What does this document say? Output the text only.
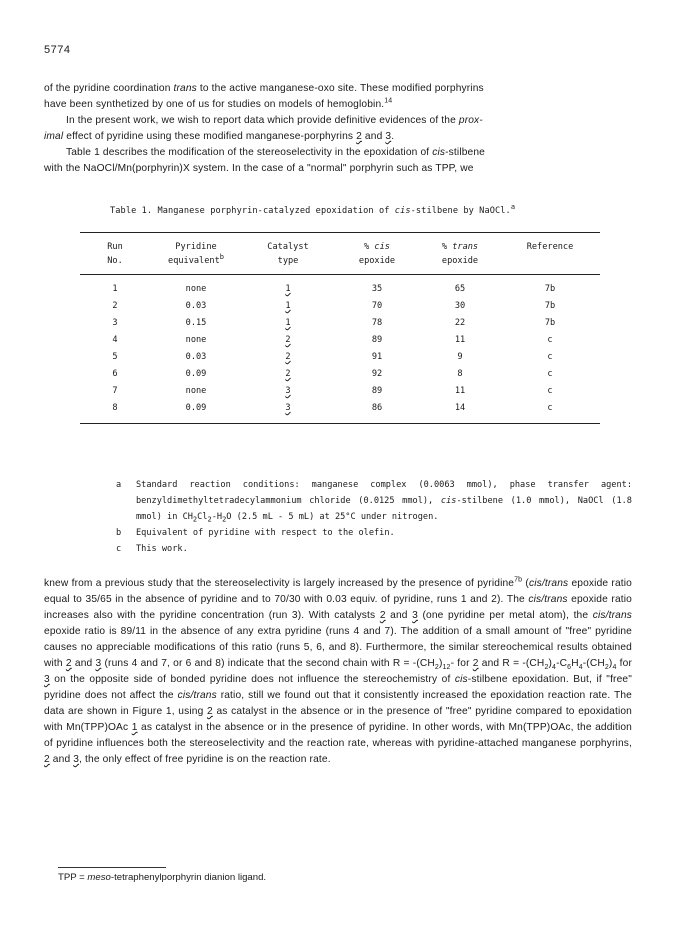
5774
of the pyridine coordination trans to the active manganese-oxo site. These modified porphyrins
have been synthetized by one of us for studies on models of hemoglobin.$^{14}$
In the present work, we wish to report data which provide definitive evidences of the prox-
imal effect of pyridine using these modified manganese-porphyrins 2 and 3.
Table 1 describes the modification of the stereoselectivity in the epoxidation of cis-stilbene
with the NaOCl/Mn(porphyrin)X system. In the case of a "normal" porphyrin such as TPP, we
Table 1. Manganese porphyrin-catalyzed epoxidation of cis-stilbene by NaOCl.$^a$
Run	Pyridine	Catalyst	% cis	% trans	Reference
No.	equivalent$^b$	type	epoxide	epoxide	
1	none	1	35	65	7b
2	0.03	1	70	30	7b
3	0.15	1	78	22	7b
4	none	2	89	11	c
5	0.03	2	91	9	c
6	0.09	2	92	8	c
7	none	3	89	11	c
8	0.09	3	86	14	c
a	Standard reaction conditions: manganese complex (0.0063 mmol), phase transfer agent: benzyldimethyltetradecylammonium chloride (0.0125 mmol), cis-stilbene (1.0 mmol), NaOCl (1.8 mmol) in $CH_2Cl_2-H_2O$ (2.5 mL - 5 mL) at 25°C under nitrogen.
b	Equivalent of pyridine with respect to the olefin.
c	This work.
knew from a previous study that the stereoselectivity is largely increased by the presence of pyridine$^{7b}$ (cis/trans epoxide ratio equal to 35/65 in the absence of pyridine and to 70/30 with 0.03 equiv. of pyridine, runs 1 and 2). The cis/trans epoxide ratio increases also with the pyridine concentration (run 3). With catalysts 2 and 3 (one pyridine per metal atom), the cis/trans epoxide ratio is 89/11 in the absence of any extra pyridine (runs 4 and 7). The addition of a small amount of "free" pyridine causes no appreciable modifications of this ratio (runs 5, 6, and 8). Furthermore, the similar stereochemical results obtained with 2 and 3 (runs 4 and 7, or 6 and 8) indicate that the second chain with $R = -(CH_2)_{12}-$ for 2 and $R = -(CH_2)_4-C_6H_4-(CH_2)_4$ for 3 on the opposite side of bonded pyridine does not influence the stereochemistry of cis-stilbene epoxidation. But, if "free" pyridine does not affect the cis/trans ratio, still we found out that it consistently increased the epoxidation reaction rate. The data are shown in Figure 1, using 2 as catalyst in the absence or in the presence of "free" pyridine compared to epoxidation with Mn(TPP)OAc 1 as catalyst in the absence or in the presence of pyridine. In other words, with Mn(TPP)OAc, the addition of pyridine influences both the stereoselectivity and the reaction rate, whereas with pyridine-attached manganese porphyrins, 2 and 3, the only effect of free pyridine is on the reaction rate.
TPP = meso-tetraphenylporphyrin dianion ligand.
